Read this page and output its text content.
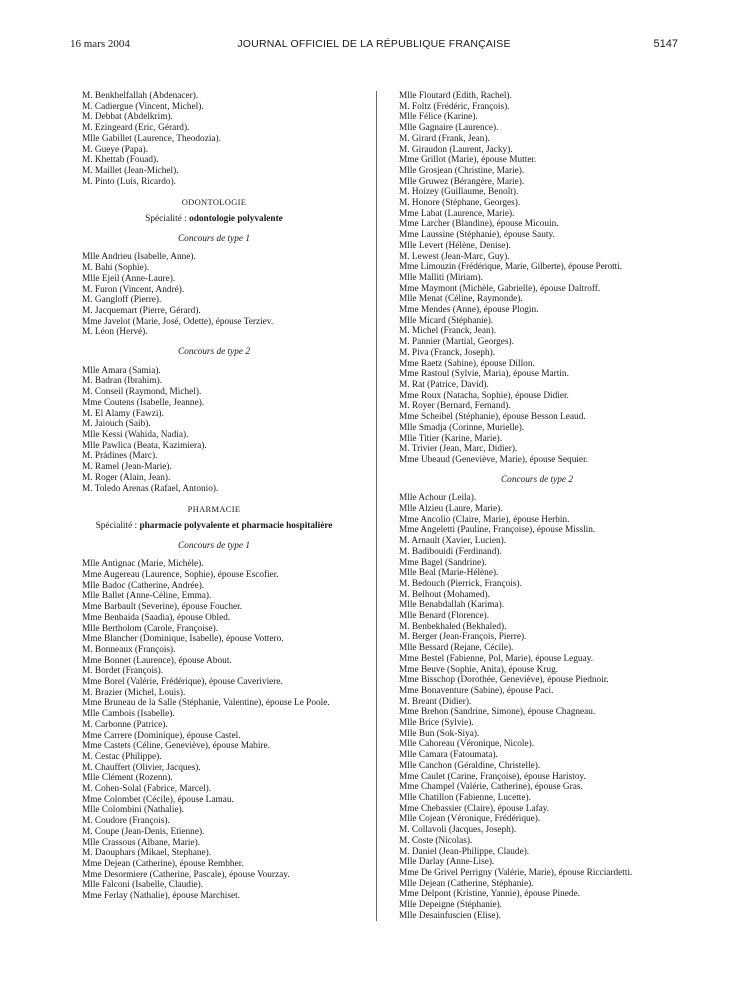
16 mars 2004	JOURNAL OFFICIEL DE LA RÉPUBLIQUE FRANÇAISE	5147
M. Benkhelfallah (Abdenacer).
M. Cadiergue (Vincent, Michel).
M. Debbat (Abdelkrim).
M. Ezingeard (Eric, Gérard).
Mlle Gabillet (Laurence, Theodozia).
M. Gueye (Papa).
M. Khettab (Fouad).
M. Maillet (Jean-Michel).
M. Pinto (Luis, Ricardo).
ODONTOLOGIE
Spécialité : odontologie polyvalente
Concours de type 1
Mlle Andrieu (Isabelle, Anne).
M. Bahi (Sophie).
Mlle Ejeil (Anne-Laure).
M. Furon (Vincent, André).
M. Gangloff (Pierre).
M. Jacquemart (Pierre, Gérard).
Mme Javelot (Marie, José, Odette), épouse Terziev.
M. Léon (Hervé).
Concours de type 2
Mlle Amara (Samia).
M. Badran (Ibrahim).
M. Conseil (Raymond, Michel).
Mme Coutens (Isabelle, Jeanne).
M. El Alamy (Fawzi).
M. Jaiouch (Saib).
Mlle Kessi (Wahida, Nadia).
Mlle Pawlica (Beata, Kazimiera).
M. Prádines (Marc).
M. Ramel (Jean-Marie).
M. Roger (Alain, Jean).
M. Toledo Arenas (Rafael, Antonio).
PHARMACIE
Spécialité : pharmacie polyvalente et pharmacie hospitalière
Concours de type 1
Mlle Antignac (Marie, Michèle).
Mme Augereau (Laurence, Sophie), épouse Escofier.
Mlle Badoc (Catherine, Andrée).
Mlle Ballet (Anne-Céline, Emma).
Mme Barbault (Severine), épouse Foucher.
Mme Benbaida (Saadia), épouse Obled.
Mlle Bertholom (Carole, Françoise).
Mme Blancher (Dominique, Isabelle), épouse Vottero.
M. Bonneaux (François).
Mme Bonnet (Laurence), épouse About.
M. Bordet (François).
Mme Borel (Valérie, Frédérique), épouse Caveriviere.
M. Brazier (Michel, Louis).
Mme Bruneau de la Salle (Stéphanie, Valentine), épouse Le Poole.
Mlle Cambois (Isabelle).
M. Carbonne (Patrice).
Mme Carrere (Dominique), épouse Castel.
Mme Castets (Céline, Geneviève), épouse Mabire.
M. Cestac (Philippe).
M. Chauffert (Olivier, Jacques).
Mlle Clément (Rozenn).
M. Cohen-Solal (Fabrice, Marcel).
Mme Colombet (Cécile), épouse Lamau.
Mlle Colombini (Nathalie).
M. Coudore (François).
M. Coupe (Jean-Denis, Etienne).
Mlle Crassous (Albane, Marie).
M. Daouphars (Mikael, Stephane).
Mme Dejean (Catherine), épouse Rembher.
Mme Desormiere (Catherine, Pascale), épouse Vourzay.
Mlle Falconi (Isabelle, Claudie).
Mme Ferlay (Nathalie), épouse Marchiset.
Mlle Floutard (Edith, Rachel).
M. Foltz (Frédéric, François).
Mlle Félice (Karine).
Mlle Gagnaire (Laurence).
M. Girard (Frank, Jean).
M. Giraudon (Laurent, Jacky).
Mme Grillot (Marie), épouse Mutter.
Mlle Grosjean (Christine, Marie).
Mlle Gruwez (Bérangère, Marie).
M. Hoizey (Guillaume, Benoît).
M. Honore (Stéphane, Georges).
Mme Labat (Laurence, Marie).
Mme Larcher (Blandine), épouse Micouin.
Mme Laussine (Stéphanie), épouse Sauty.
Mlle Levert (Hélène, Denise).
M. Lewest (Jean-Marc, Guy).
Mme Limouzin (Frédérique, Marie, Gilberte), épouse Perotti.
Mlle Malliti (Miriam).
Mme Maymont (Michèle, Gabrielle), épouse Daltroff.
Mlle Menat (Céline, Raymonde).
Mme Mendes (Anne), épouse Plogin.
Mlle Micard (Stéphanie).
M. Michel (Franck, Jean).
M. Pannier (Martial, Georges).
M. Piva (Franck, Joseph).
Mme Raetz (Sabine), épouse Dillon.
Mme Rastoul (Sylvie, Maria), épouse Martin.
M. Rat (Patrice, David).
Mme Roux (Natacha, Sophie), épouse Didier.
M. Royer (Bernard, Fernand).
Mme Scheibel (Stéphanie), épouse Besson Leaud.
Mlle Smadja (Corinne, Murielle).
Mlle Titier (Karine, Marie).
M. Trivier (Jean, Marc, Didier).
Mme Ubeaud (Geneviève, Marie), épouse Sequier.
Concours de type 2
Mlle Achour (Leila).
Mlle Alzieu (Laure, Marie).
Mme Ancolio (Claire, Marie), épouse Herbin.
Mme Angeletti (Pauline, Françoise), épouse Misslin.
M. Arnault (Xavier, Lucien).
M. Badibouidi (Ferdinand).
Mme Bagel (Sandrine).
Mlle Beal (Marie-Hélène).
M. Bedouch (Pierrick, François).
M. Belhout (Mohamed).
Mlle Benabdallah (Karima).
Mlle Benard (Florence).
M. Benbekhaled (Bekhaled).
M. Berger (Jean-François, Pierre).
Mlle Bessard (Rejane, Cécile).
Mme Bestel (Fabienne, Pol, Marie), épouse Leguay.
Mme Beuve (Sophie, Anita), épouse Krug.
Mme Bisschop (Dorothée, Geneviève), épouse Piednoir.
Mme Bonaventure (Sabine), épouse Paci.
M. Breant (Didier).
Mme Brehon (Sandrine, Simone), épouse Chagneau.
Mlle Brice (Sylvie).
Mlle Bun (Sok-Siya).
Mlle Cahoreau (Véronique, Nicole).
Mlle Camara (Fatoumata).
Mlle Canchon (Géraldine, Christelle).
Mme Caulet (Carine, Françoise), épouse Haristoy.
Mme Champel (Valérie, Catherine), épouse Gras.
Mlle Chatillon (Fabienne, Lucette).
Mme Chebassier (Claire), épouse Lafay.
Mlle Cojean (Véronique, Frédérique).
M. Collavoli (Jacques, Joseph).
M. Coste (Nicolas).
M. Daniel (Jean-Philippe, Claude).
Mlle Darlay (Anne-Lise).
Mme De Grivel Perrigny (Valérie, Marie), épouse Ricciardetti.
Mlle Dejean (Catherine, Stéphanie).
Mme Delpont (Kristine, Yannie), épouse Pinede.
Mlle Depeigne (Stéphanie).
Mlle Desainfuscien (Elise).
